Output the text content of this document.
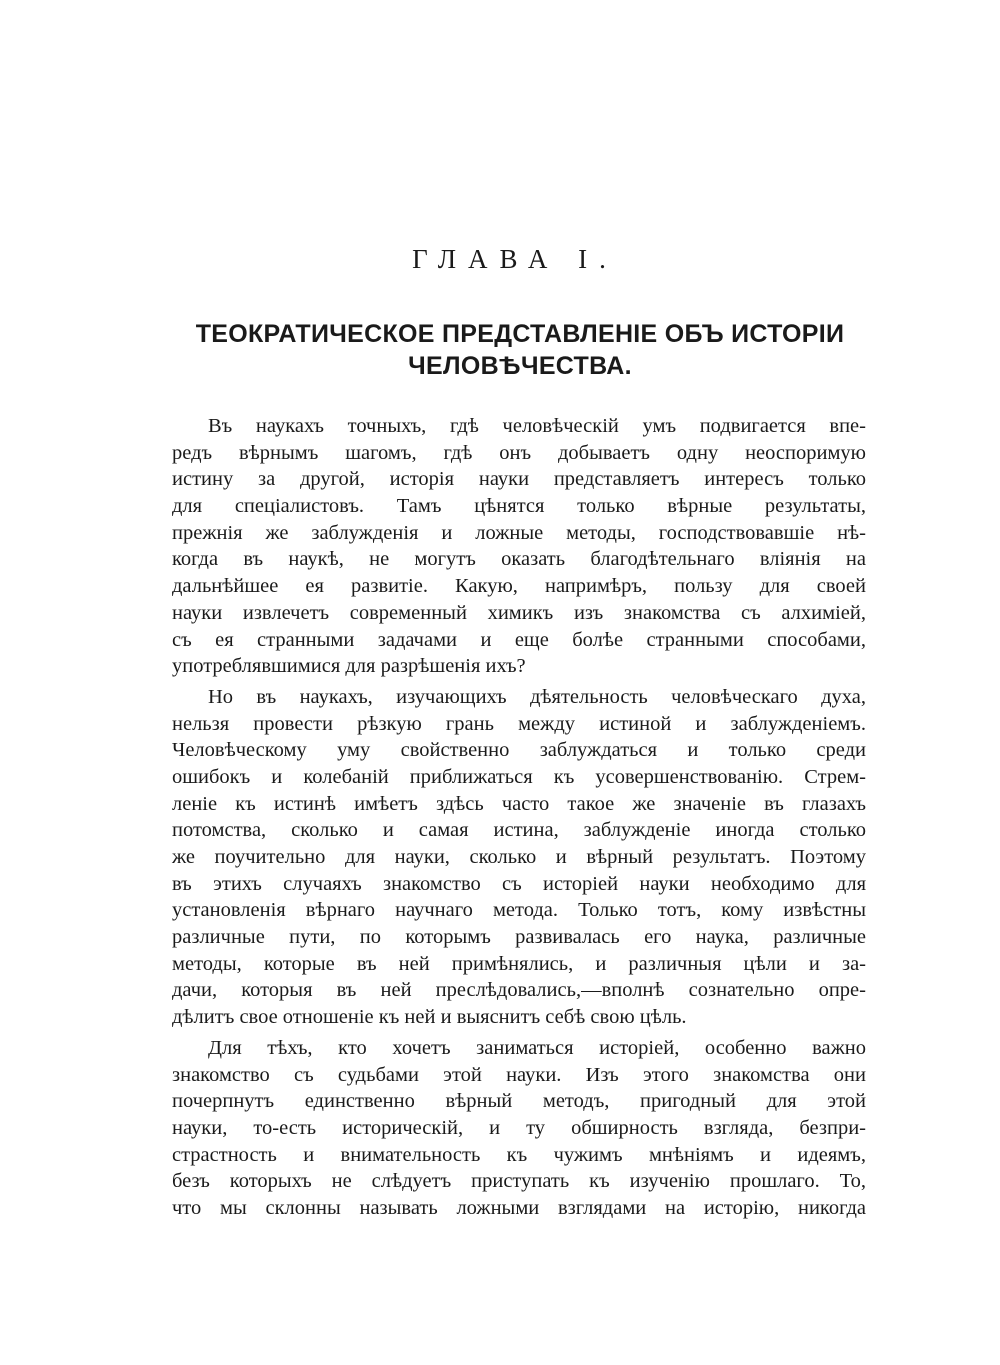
ГЛАВА І.
ТЕОКРАТИЧЕСКОЕ ПРЕДСТАВЛЕНІЕ ОБЪ ИСТОРІИ
ЧЕЛОВѢЧЕСТВА.
Въ наукахъ точныхъ, гдѣ человѣческій умъ подвигается впе-
редъ вѣрнымъ шагомъ, гдѣ онъ добываетъ одну неоспоримую
истину за другой, исторія науки представляетъ интересъ только
для спеціалистовъ. Тамъ цѣнятся только вѣрные результаты,
прежнія же заблужденія и ложные методы, господствовавшіе нѣ-
когда въ наукѣ, не могутъ оказать благодѣтельнаго вліянія на
дальнѣйшее ея развитіе. Какую, напримѣръ, пользу для своей
науки извлечетъ современный химикъ изъ знакомства съ алхиміей,
съ ея странными задачами и еще болѣе странными способами,
употреблявшимися для разрѣшенія ихъ?
Но въ наукахъ, изучающихъ дѣятельность человѣческаго духа,
нельзя провести рѣзкую грань между истиной и заблужденіемъ.
Человѣческому уму свойственно заблуждаться и только среди
ошибокъ и колебаній приближаться къ усовершенствованію. Стрем-
леніе къ истинѣ имѣетъ здѣсь часто такое же значеніе въ глазахъ
потомства, сколько и самая истина, заблужденіе иногда столько
же поучительно для науки, сколько и вѣрный результатъ. Поэтому
въ этихъ случаяхъ знакомство съ исторіей науки необходимо для
установленія вѣрнаго научнаго метода. Только тотъ, кому извѣстны
различные пути, по которымъ развивалась его наука, различные
методы, которые въ ней примѣнялись, и различныя цѣли и за-
дачи, которыя въ ней преслѣдовались,—вполнѣ сознательно опре-
дѣлитъ свое отношеніе къ ней и выяснитъ себѣ свою цѣль.
Для тѣхъ, кто хочетъ заниматься исторіей, особенно важно
знакомство съ судьбами этой науки. Изъ этого знакомства они
почерпнутъ единственно вѣрный методъ, пригодный для этой
науки, то-есть историческій, и ту обширность взгляда, безпри-
страстность и внимательность къ чужимъ мнѣніямъ и идеямъ,
безъ которыхъ не слѣдуетъ приступать къ изученію прошлаго. То,
что мы склонны называть ложными взглядами на исторію, никогда
